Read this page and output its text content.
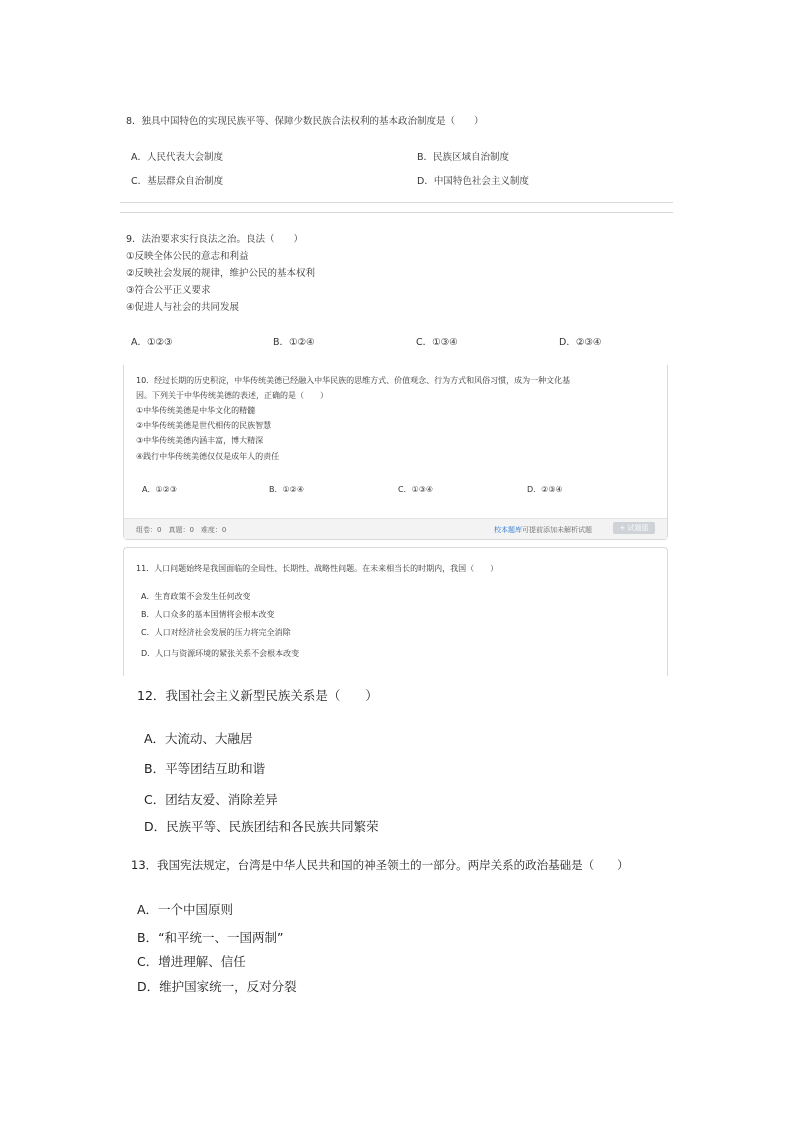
8．独具中国特色的实现民族平等、保障少数民族合法权利的基本政治制度是（　　）
A．人民代表大会制度	B．民族区域自治制度
C．基层群众自治制度	D．中国特色社会主义制度
9．法治要求实行良法之治。良法（　　）
①反映全体公民的意志和利益
②反映社会发展的规律，维护公民的基本权利
③符合公平正义要求
④促进人与社会的共同发展
A．①②③	B．①②④	C．①③④	D．②③④
10．经过长期的历史积淀，中华传统美德已经融入中华民族的思维方式、价值观念、行为方式和风俗习惯，成为一种文化基
因。下列关于中华传统美德的表述，正确的是（　　）
①中华传统美德是中华文化的精髓
②中华传统美德是世代相传的民族智慧
③中华传统美德内涵丰富，博大精深
④践行中华传统美德仅仅是成年人的责任
A．①②③	B．①②④	C．①③④	D．②③④
组卷：0　真题：0　难度：0	校本题库可提前添加未解析试题	+ 试题篮
11．人口问题始终是我国面临的全局性、长期性、战略性问题。在未来相当长的时期内，我国（　　）
A．生育政策不会发生任何改变
B．人口众多的基本国情将会根本改变
C．人口对经济社会发展的压力将完全消除
D．人口与资源环境的紧张关系不会根本改变
12．我国社会主义新型民族关系是（　　）
A．大流动、大融居
B．平等团结互助和谐
C．团结友爱、消除差异
D．民族平等、民族团结和各民族共同繁荣
13．我国宪法规定，台湾是中华人民共和国的神圣领土的一部分。两岸关系的政治基础是（　　）
A．一个中国原则
B．“和平统一、一国两制”
C．增进理解、信任
D．维护国家统一，反对分裂
